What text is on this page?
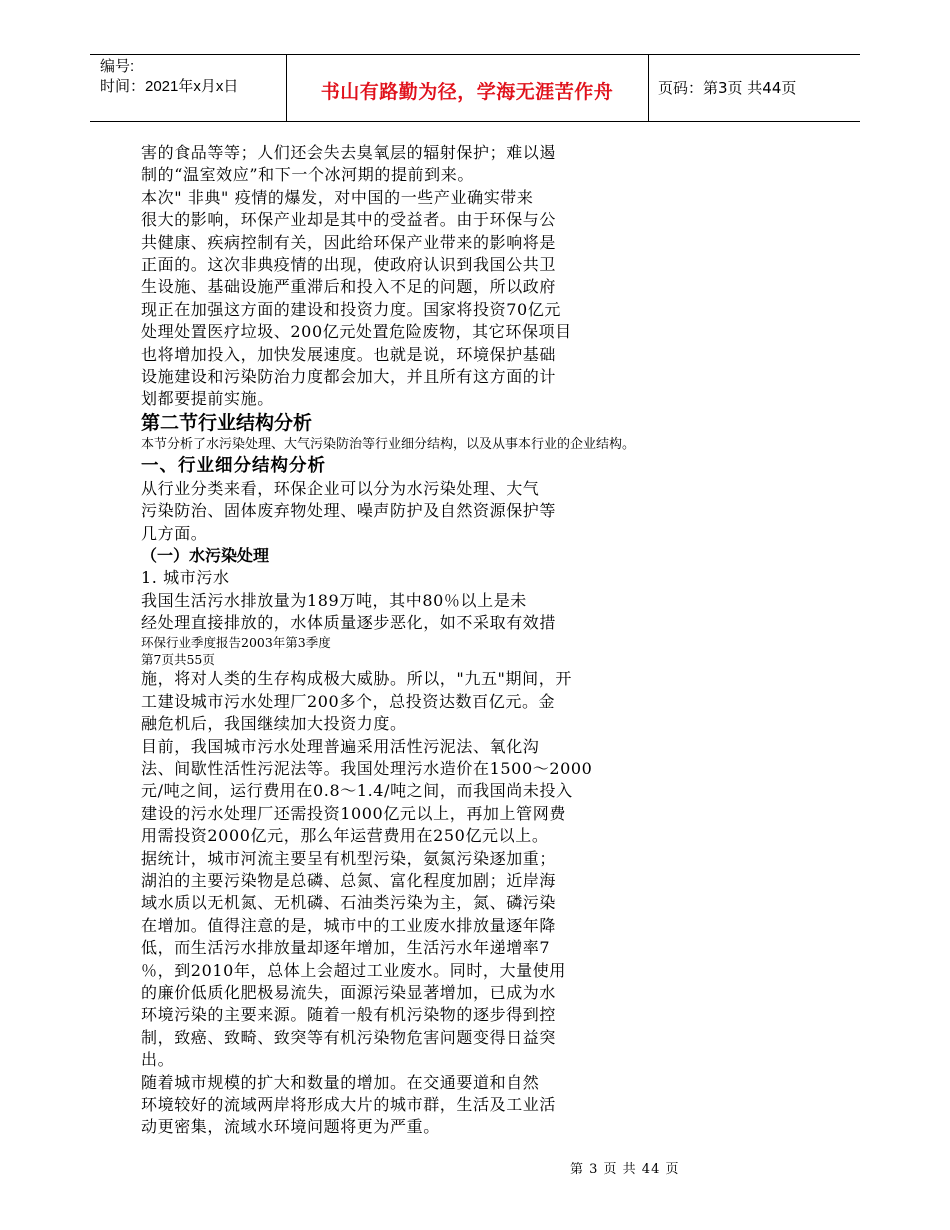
编号:
时间：2021年x月x日	书山有路勤为径，学海无涯苦作舟	页码：第3页 共44页

害的食品等等；人们还会失去臭氧层的辐射保护；难以遏

制的“温室效应”和下一个冰河期的提前到来。

本次" 非典" 疫情的爆发，对中国的一些产业确实带来

很大的影响，环保产业却是其中的受益者。由于环保与公

共健康、疾病控制有关，因此给环保产业带来的影响将是

正面的。这次非典疫情的出现，使政府认识到我国公共卫

生设施、基础设施严重滞后和投入不足的问题，所以政府

现正在加强这方面的建设和投资力度。国家将投资70亿元

处理处置医疗垃圾、200亿元处置危险废物，其它环保项目

也将增加投入，加快发展速度。也就是说，环境保护基础

设施建设和污染防治力度都会加大，并且所有这方面的计

划都要提前实施。

第二节行业结构分析

本节分析了水污染处理、大气污染防治等行业细分结构，以及从事本行业的企业结构。

一、行业细分结构分析

从行业分类来看，环保企业可以分为水污染处理、大气

污染防治、固体废弃物处理、噪声防护及自然资源保护等

几方面。

（一）水污染处理

1. 城市污水

我国生活污水排放量为189万吨，其中80％以上是未

经处理直接排放的，水体质量逐步恶化，如不采取有效措

环保行业季度报告2003年第3季度

第7页共55页

施，将对人类的生存构成极大威胁。所以，"九五"期间，开

工建设城市污水处理厂200多个，总投资达数百亿元。金

融危机后，我国继续加大投资力度。

目前，我国城市污水处理普遍采用活性污泥法、氧化沟

法、间歇性活性污泥法等。我国处理污水造价在1500～2000

元/吨之间，运行费用在0.8～1.4/吨之间，而我国尚未投入

建设的污水处理厂还需投资1000亿元以上，再加上管网费

用需投资2000亿元，那么年运营费用在250亿元以上。

据统计，城市河流主要呈有机型污染，氨氮污染逐加重；

湖泊的主要污染物是总磷、总氮、富化程度加剧；近岸海

域水质以无机氮、无机磷、石油类污染为主，氮、磷污染

在增加。值得注意的是，城市中的工业废水排放量逐年降

低，而生活污水排放量却逐年增加，生活污水年递增率7

％，到2010年，总体上会超过工业废水。同时，大量使用

的廉价低质化肥极易流失，面源污染显著增加，已成为水

环境污染的主要来源。随着一般有机污染物的逐步得到控

制，致癌、致畸、致突等有机污染物危害问题变得日益突

出。

随着城市规模的扩大和数量的增加。在交通要道和自然

环境较好的流域两岸将形成大片的城市群，生活及工业活

动更密集，流域水环境问题将更为严重。

第 3 页 共 44 页
